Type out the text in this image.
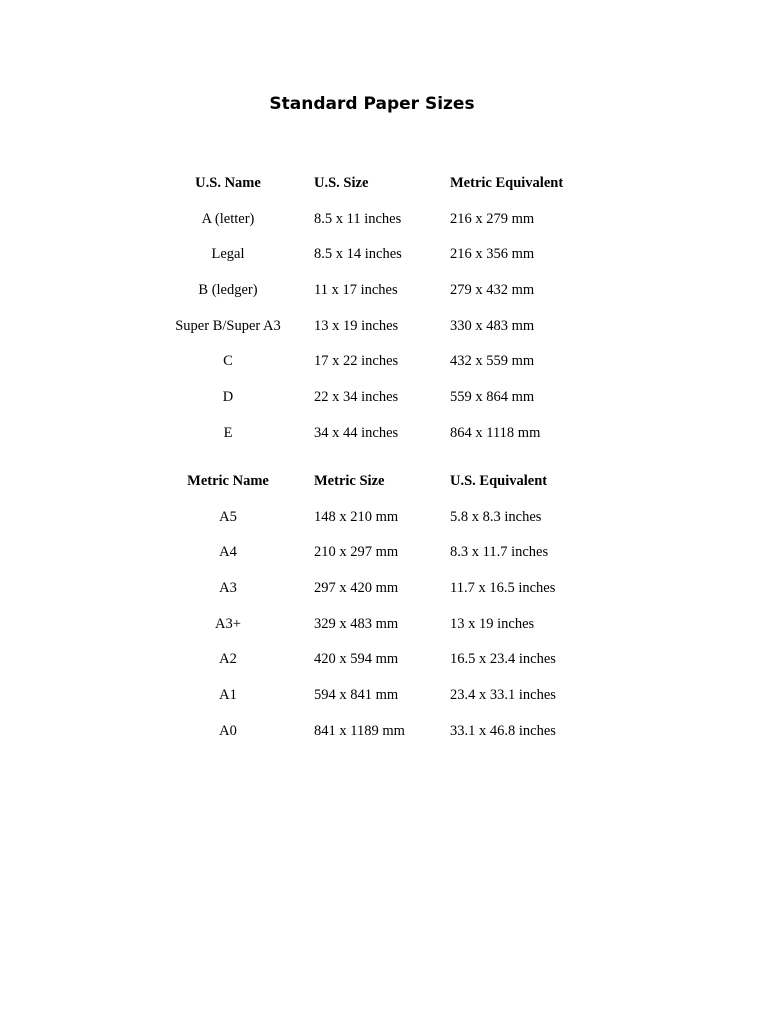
Standard Paper Sizes
U.S. Name	U.S. Size	Metric Equivalent
A (letter)	8.5 x 11 inches	216 x 279 mm
Legal	8.5 x 14 inches	216 x 356 mm
B (ledger)	11 x 17 inches	279 x 432 mm
Super B/Super A3	13 x 19 inches	330 x 483 mm
C	17 x 22 inches	432 x 559 mm
D	22 x 34 inches	559 x 864 mm
E	34 x 44 inches	864 x 1118 mm
Metric Name	Metric Size	U.S. Equivalent
A5	148 x 210 mm	5.8 x 8.3 inches
A4	210 x 297 mm	8.3 x 11.7 inches
A3	297 x 420 mm	11.7 x 16.5 inches
A3+	329 x 483 mm	13 x 19 inches
A2	420 x 594 mm	16.5 x 23.4 inches
A1	594 x 841 mm	23.4 x 33.1 inches
A0	841 x 1189 mm	33.1 x 46.8 inches
